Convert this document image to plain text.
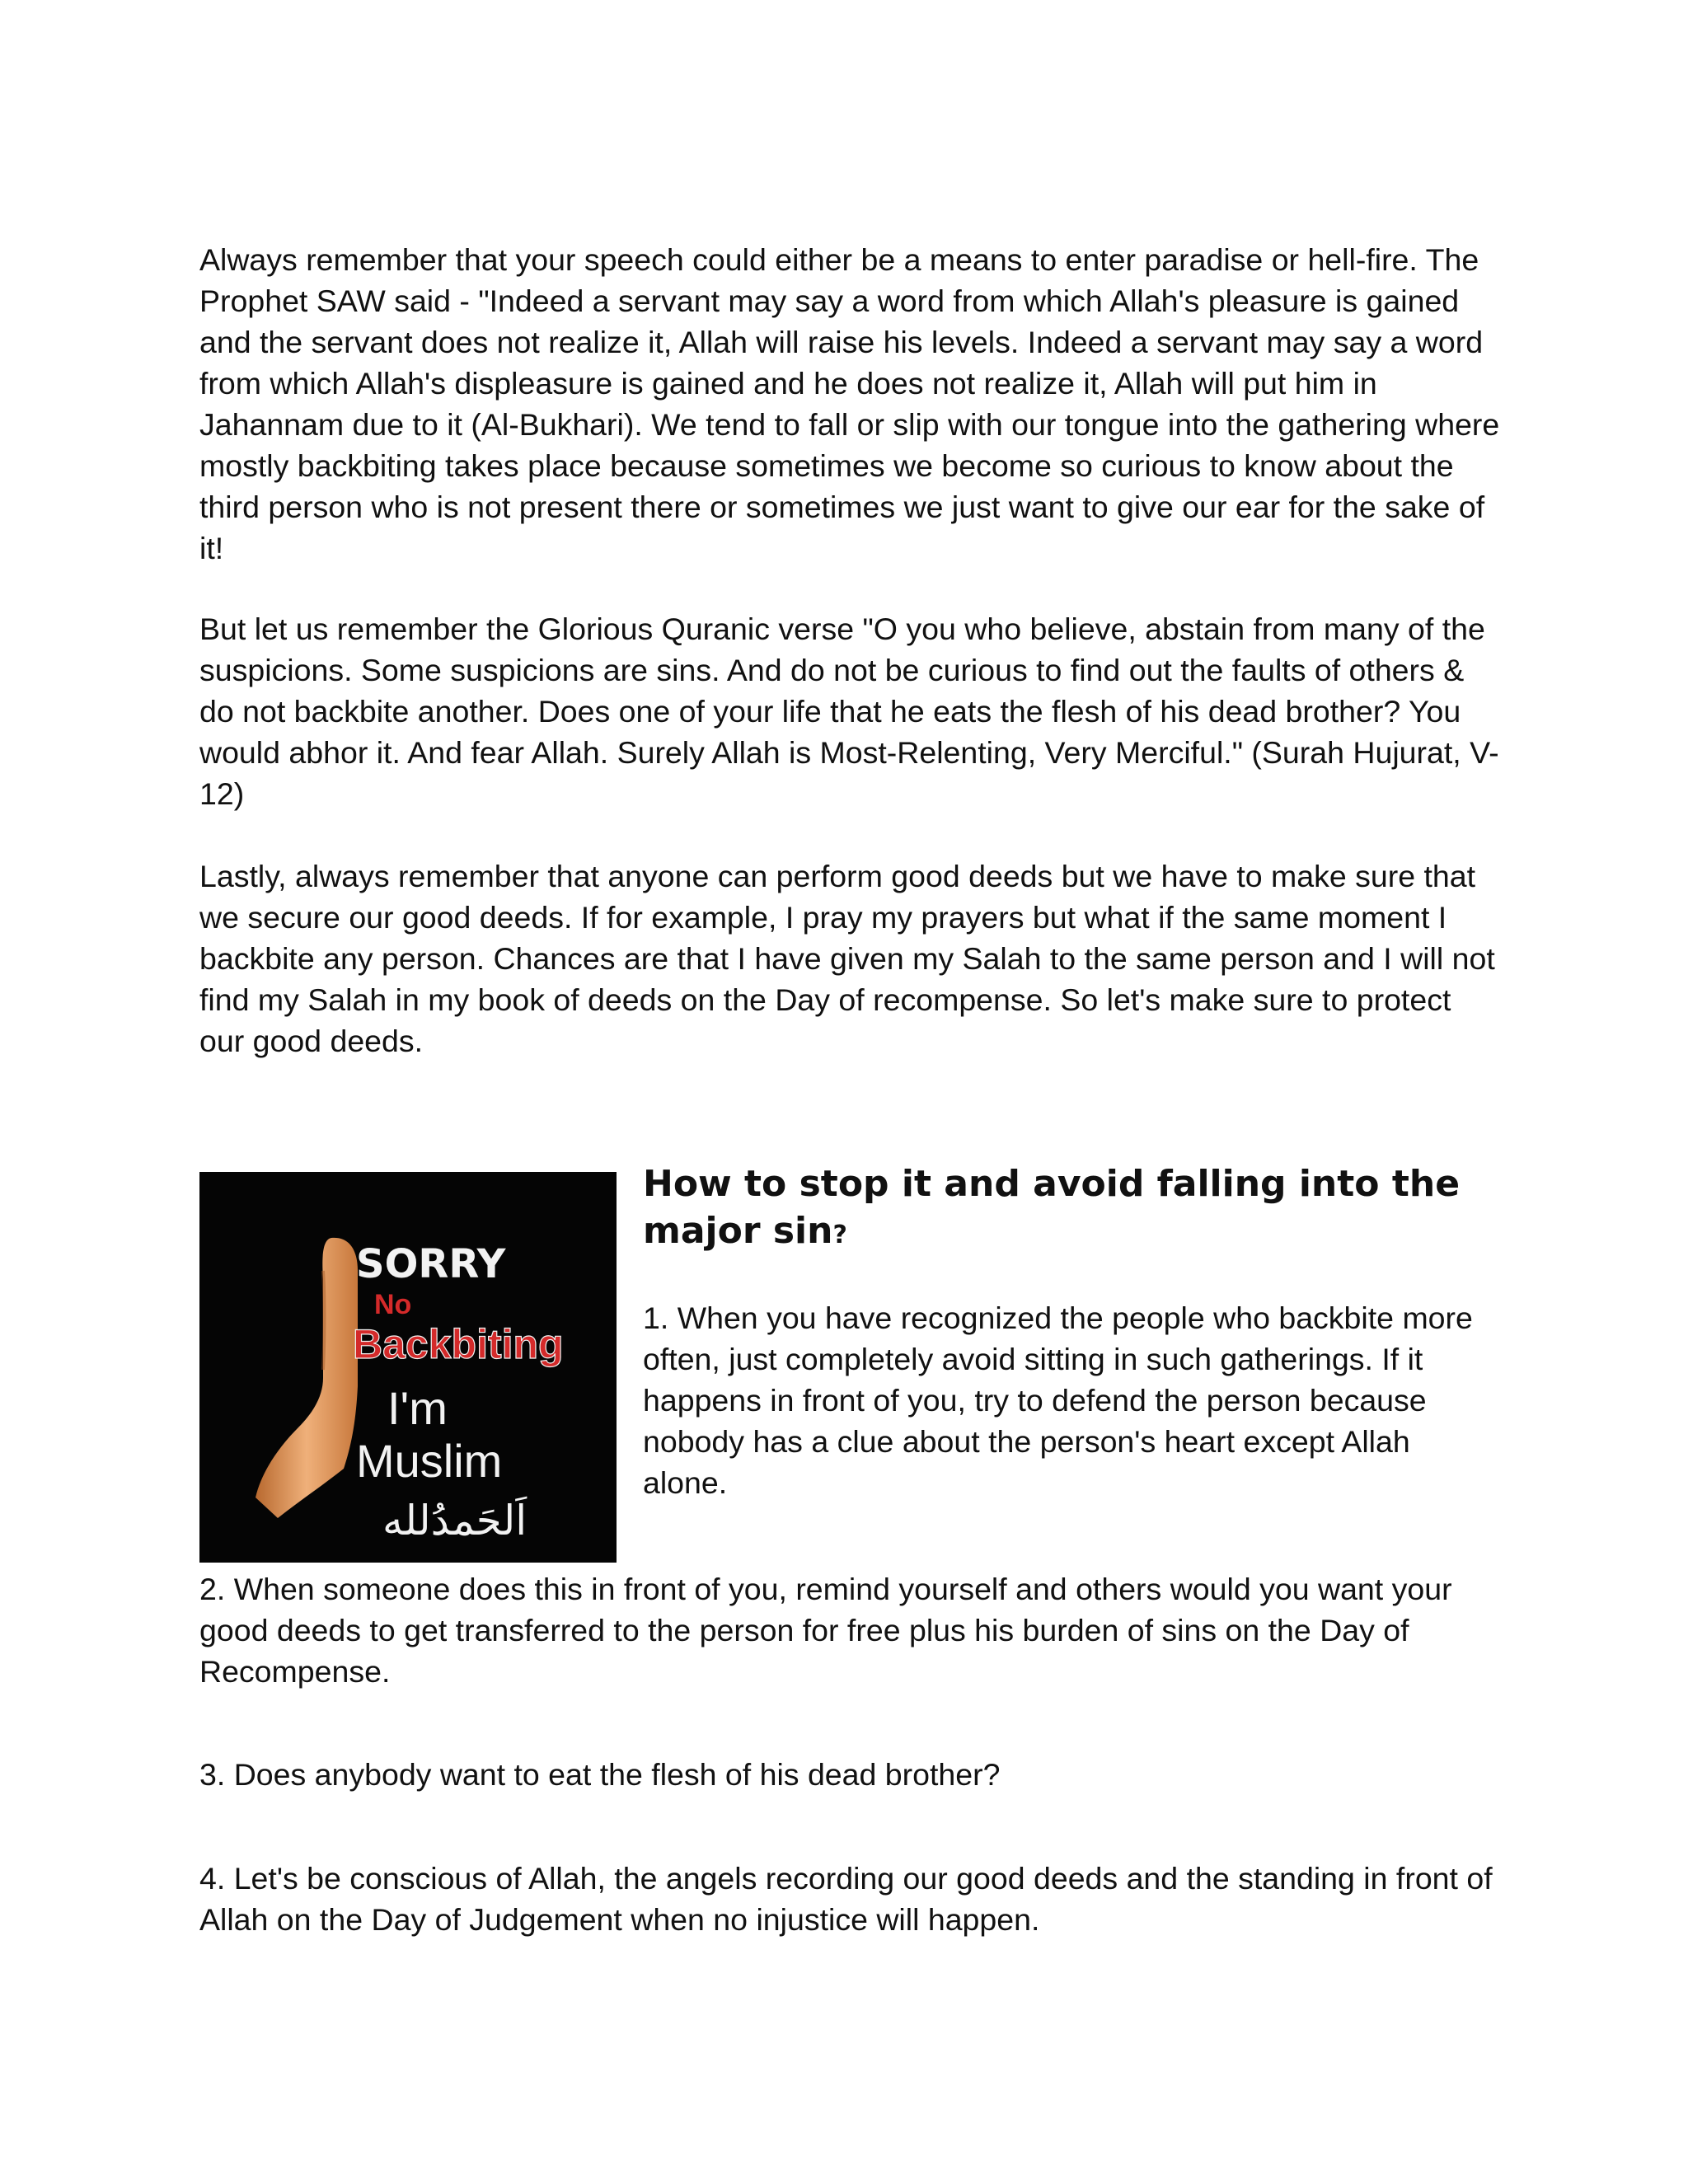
Always remember that your speech could either be a means to enter paradise or hell-fire. The Prophet SAW said - "Indeed a servant may say a word from which Allah's pleasure is gained and the servant does not realize it, Allah will raise his levels. Indeed a servant may say a word from which Allah's displeasure is gained and he does not realize it, Allah will put him in Jahannam due to it (Al-Bukhari). We tend to fall or slip with our tongue into the gathering where mostly backbiting takes place because sometimes we become so curious to know about the third person who is not present there or sometimes we just want to give our ear for the sake of it!

But let us remember the Glorious Quranic verse "O you who believe, abstain from many of the suspicions. Some suspicions are sins. And do not be curious to find out the faults of others & do not backbite another. Does one of your life that he eats the flesh of his dead brother? You would abhor it. And fear Allah. Surely Allah is Most-Relenting, Very Merciful." (Surah Hujurat, V-12)

Lastly, always remember that anyone can perform good deeds but we have to make sure that we secure our good deeds. If for example, I pray my prayers but what if the same moment I backbite any person. Chances are that I have given my Salah to the same person and I will not find my Salah in my book of deeds on the Day of recompense. So let's make sure to protect our good deeds.

SORRY
No
Backbiting
I'm
Muslim
اَلحَمدُلله
How to stop it and avoid falling into the major sin?

1. When you have recognized the people who backbite more often, just completely avoid sitting in such gatherings. If it happens in front of you, try to defend the person because nobody has a clue about the person's heart except Allah alone.

2. When someone does this in front of you, remind yourself and others would you want your good deeds to get transferred to the person for free plus his burden of sins on the Day of Recompense.

3. Does anybody want to eat the flesh of his dead brother?

4. Let's be conscious of Allah, the angels recording our good deeds and the standing in front of Allah on the Day of Judgement when no injustice will happen.
